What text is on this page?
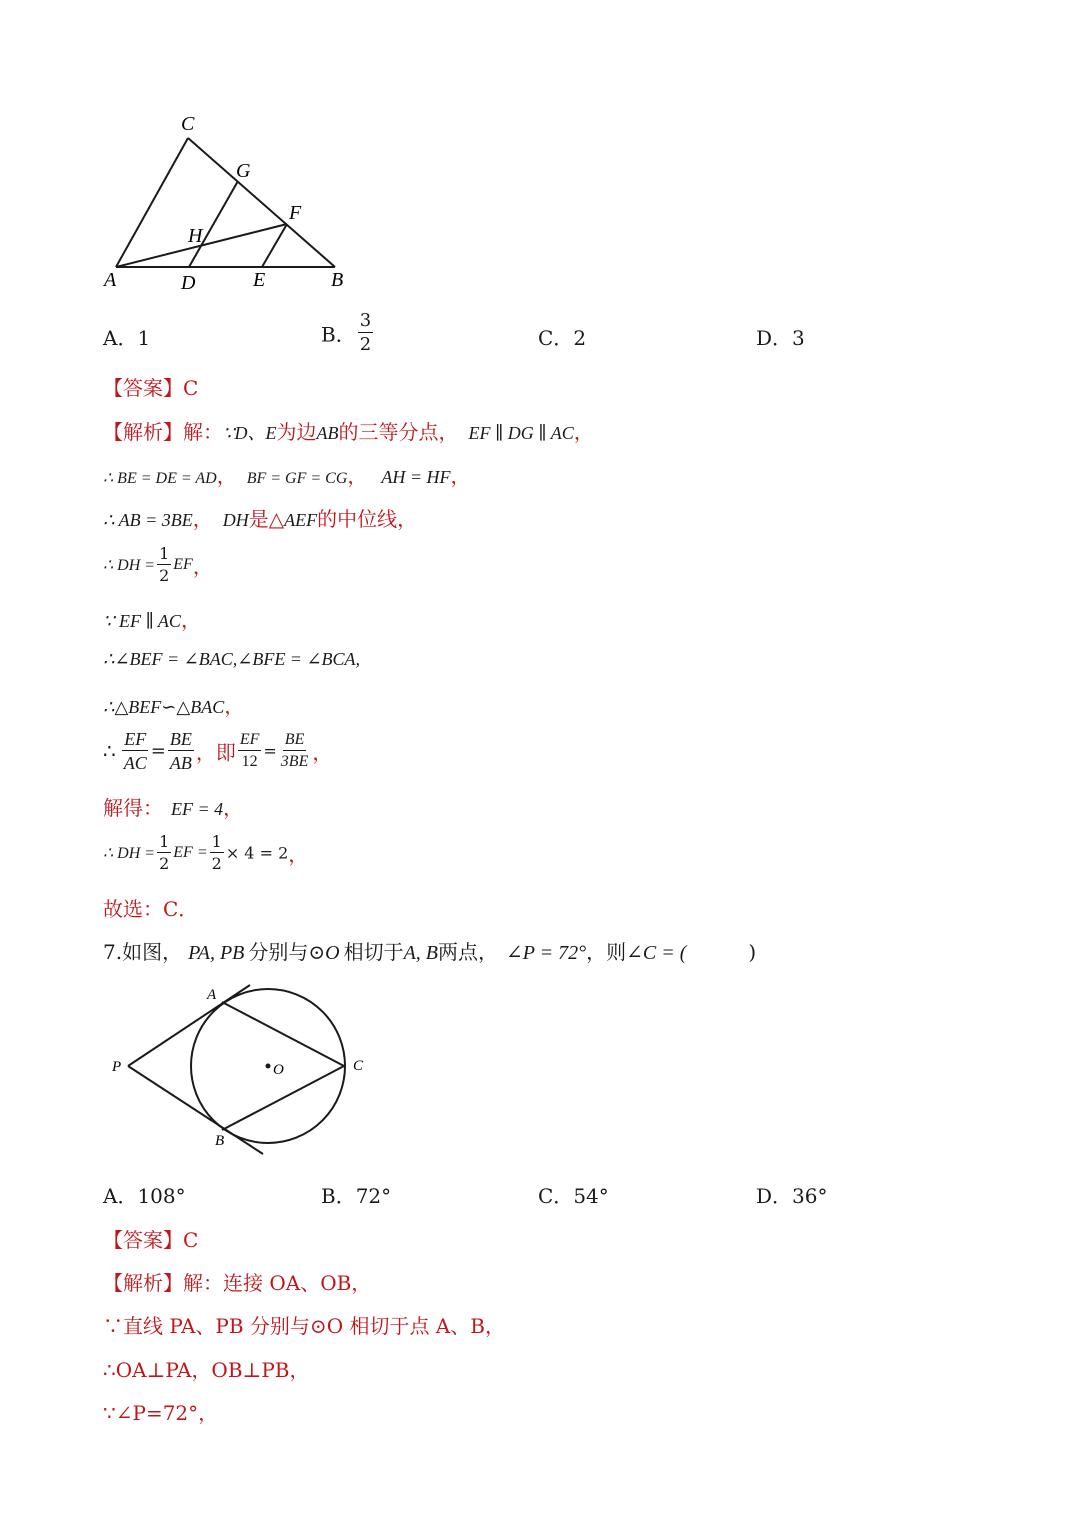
C
G
F
H
A	D	E	B
A．1	B． $\frac{3}{2}$	C．2	D．3
【答案】C
【解析】解：∵D、E为边AB的三等分点， EF ∥ DG ∥ AC，
∴ BE = DE = AD， BF = GF = CG， AH = HF，
∴ AB = 3BE， DH是△AEF的中位线，
∴ DH = $\frac{1}{2}$ EF，
∵ EF ∥ AC，
∴∠BEF = ∠BAC,∠BFE = ∠BCA,
∴△BEF∽△BAC，
∴ $\frac{EF}{AC} = \frac{BE}{AB}$ ，即 $\frac{EF}{12} = \frac{BE}{3BE}$ ，
解得： EF = 4，
∴ DH = $\frac{1}{2}$ EF = $\frac{1}{2} \times 4 = 2$，
故选：C．
7.如图， PA, PB 分别与⊙O 相切于A, B两点， ∠P = 72°，则∠C = (	)
A
P	O	C
B
A．108°	B．72°	C．54°	D．36°
【答案】C
【解析】解：连接 OA、OB，
∵直线 PA、PB 分别与⊙O 相切于点 A、B，
∴OA⊥PA，OB⊥PB，
∵∠P=72°，
